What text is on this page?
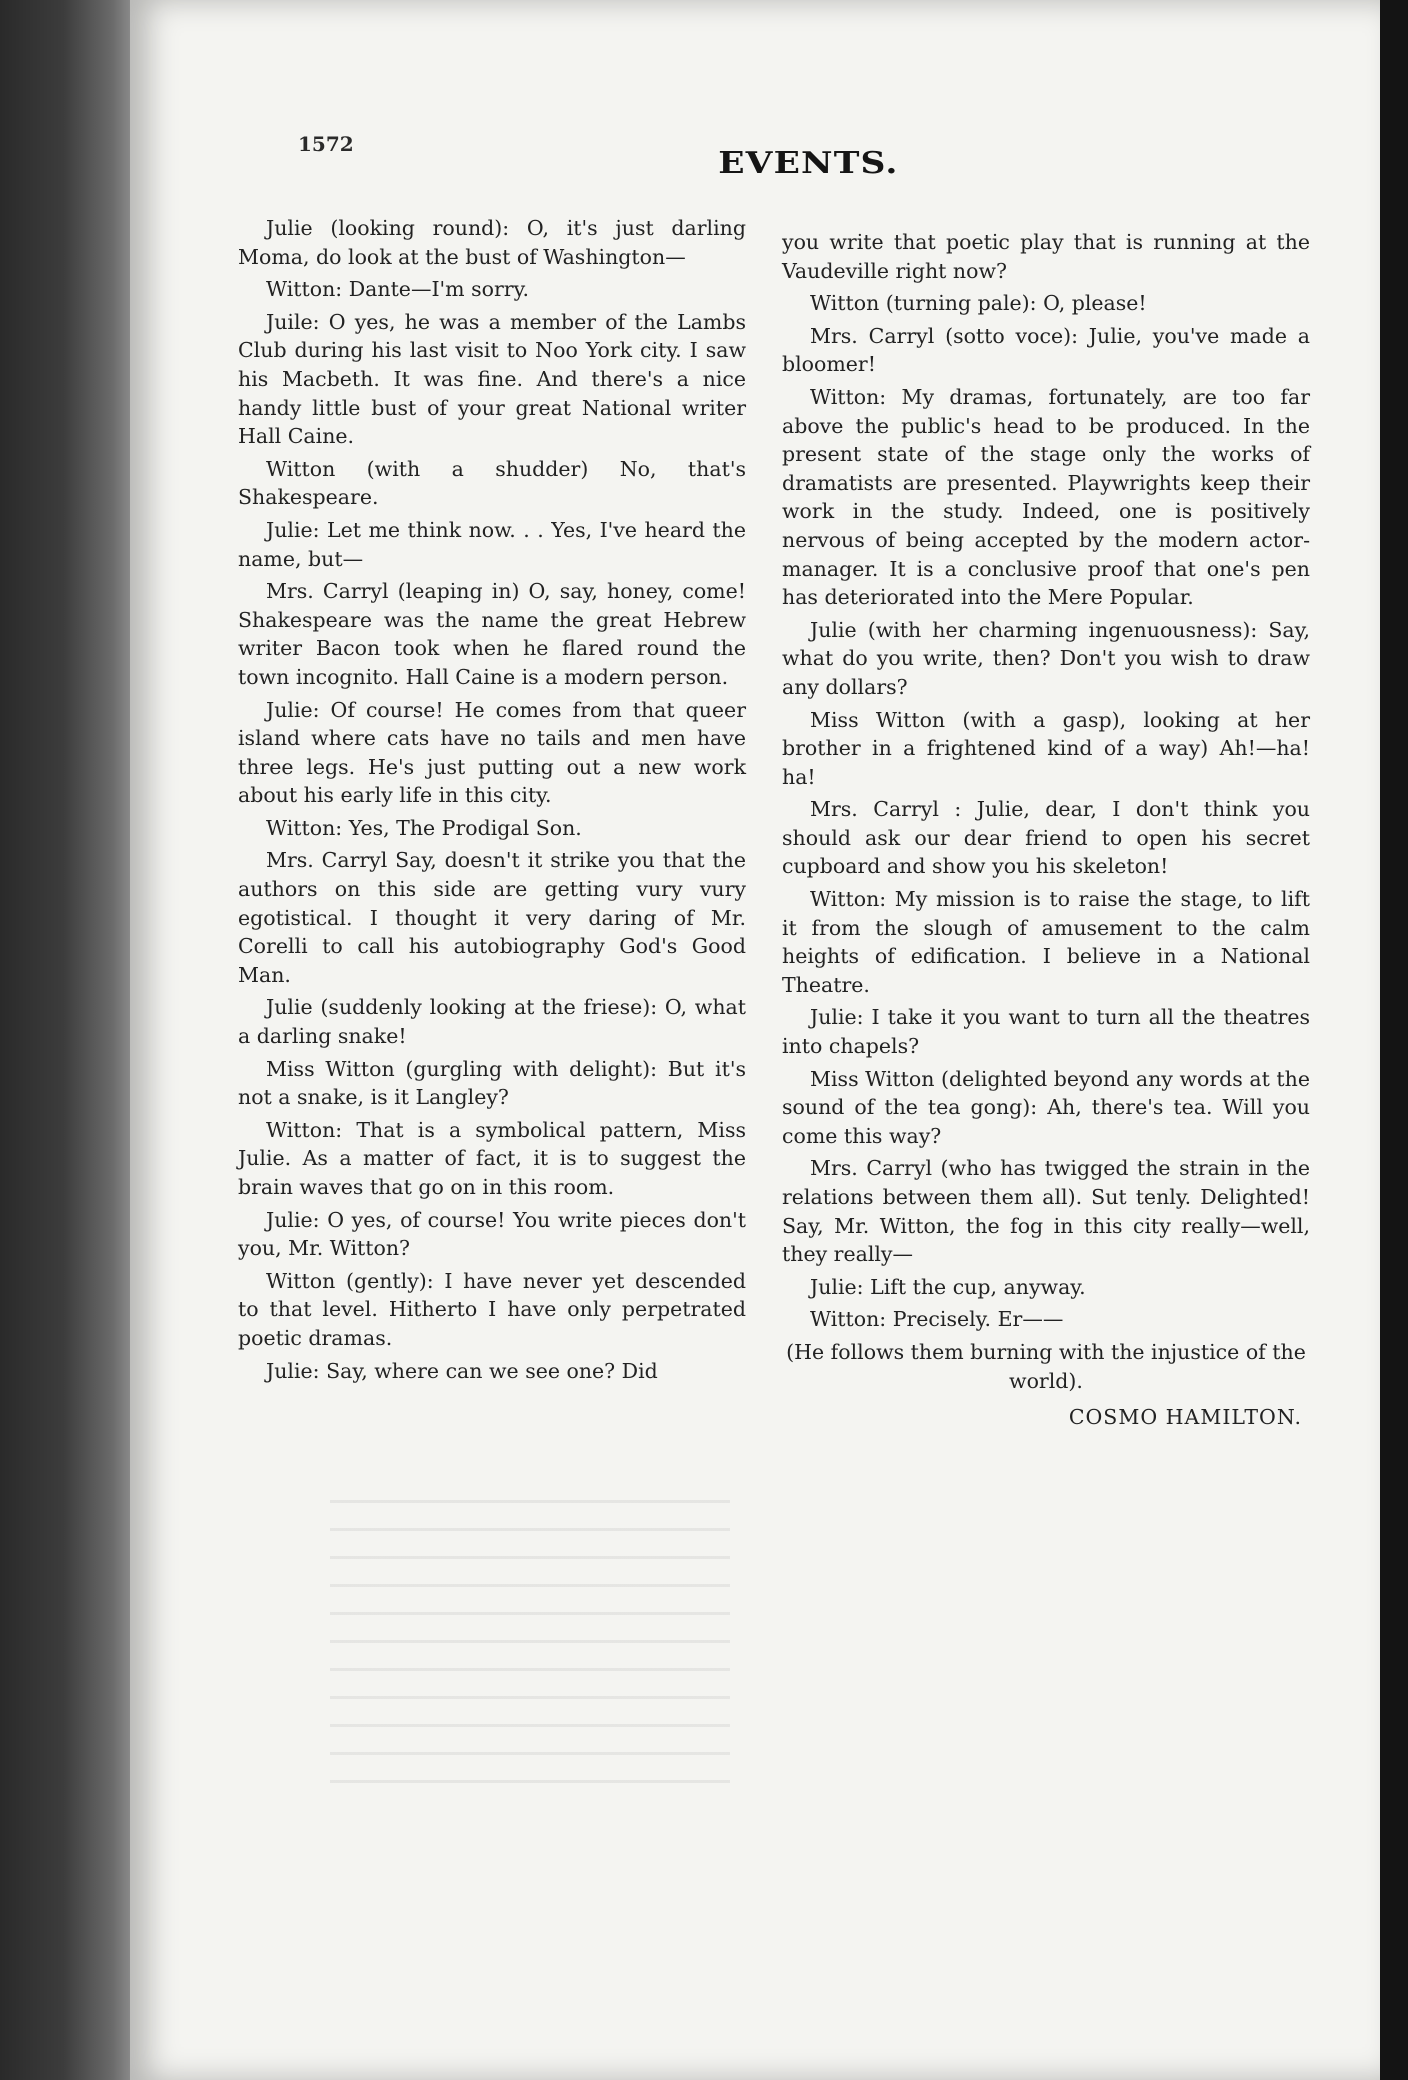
1572

EVENTS.

Julie (looking round): O, it's just darling Moma, do look at the bust of Washington—

Witton: Dante—I'm sorry.

Juile: O yes, he was a member of the Lambs Club during his last visit to Noo York city. I saw his Macbeth. It was fine. And there's a nice handy little bust of your great National writer Hall Caine.

Witton (with a shudder) No, that's Shakespeare.

Julie: Let me think now. . . Yes, I've heard the name, but—

Mrs. Carryl (leaping in) O, say, honey, come! Shakespeare was the name the great Hebrew writer Bacon took when he flared round the town incognito. Hall Caine is a modern person.

Julie: Of course! He comes from that queer island where cats have no tails and men have three legs. He's just putting out a new work about his early life in this city.

Witton: Yes, The Prodigal Son.

Mrs. Carryl Say, doesn't it strike you that the authors on this side are getting vury vury egotistical. I thought it very daring of Mr. Corelli to call his autobiography God's Good Man.

Julie (suddenly looking at the friese): O, what a darling snake!

Miss Witton (gurgling with delight): But it's not a snake, is it Langley?

Witton: That is a symbolical pattern, Miss Julie. As a matter of fact, it is to suggest the brain waves that go on in this room.

Julie: O yes, of course! You write pieces don't you, Mr. Witton?

Witton (gently): I have never yet descended to that level. Hitherto I have only perpetrated poetic dramas.

Julie: Say, where can we see one? Did

you write that poetic play that is running at the Vaudeville right now?

Witton (turning pale): O, please!

Mrs. Carryl (sotto voce): Julie, you've made a bloomer!

Witton: My dramas, fortunately, are too far above the public's head to be produced. In the present state of the stage only the works of dramatists are presented. Playwrights keep their work in the study. Indeed, one is positively nervous of being accepted by the modern actor-manager. It is a conclusive proof that one's pen has deteriorated into the Mere Popular.

Julie (with her charming ingenuousness): Say, what do you write, then? Don't you wish to draw any dollars?

Miss Witton (with a gasp), looking at her brother in a frightened kind of a way) Ah!—ha! ha!

Mrs. Carryl : Julie, dear, I don't think you should ask our dear friend to open his secret cupboard and show you his skeleton!

Witton: My mission is to raise the stage, to lift it from the slough of amusement to the calm heights of edification. I believe in a National Theatre.

Julie: I take it you want to turn all the theatres into chapels?

Miss Witton (delighted beyond any words at the sound of the tea gong): Ah, there's tea. Will you come this way?

Mrs. Carryl (who has twigged the strain in the relations between them all). Sut tenly. Delighted! Say, Mr. Witton, the fog in this city really—well, they really—

Julie: Lift the cup, anyway.

Witton: Precisely. Er——

(He follows them burning with the injustice of the world).

COSMO HAMILTON.
